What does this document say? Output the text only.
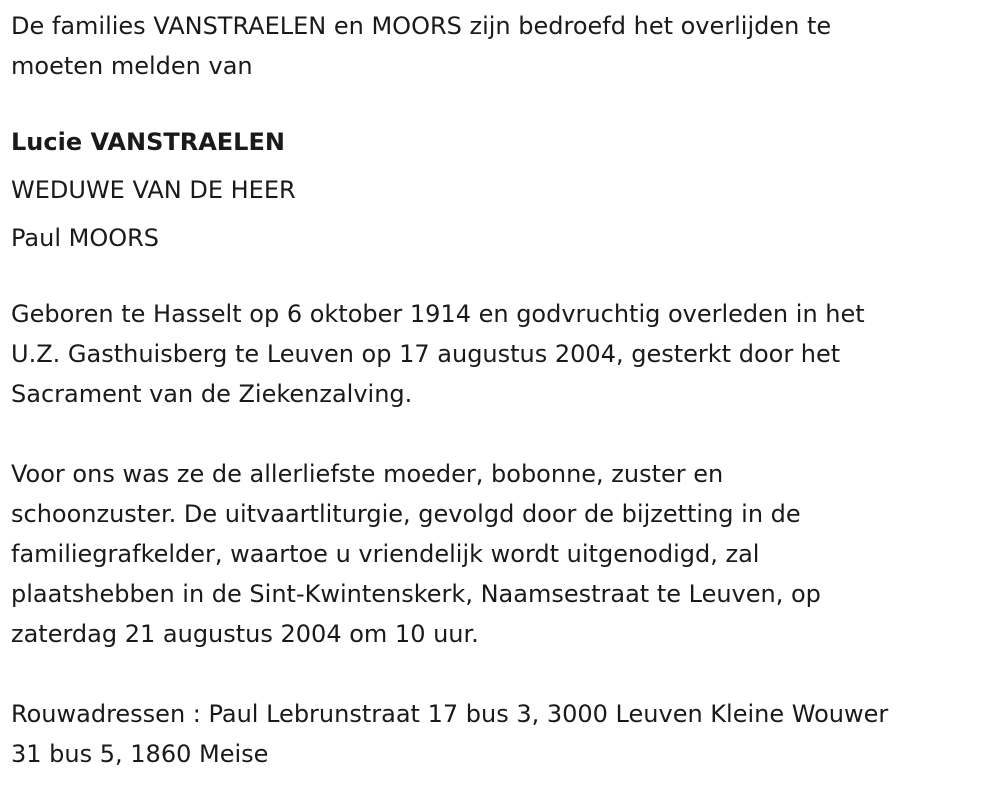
De families VANSTRAELEN en MOORS zijn bedroefd het overlijden te

moeten melden van

Lucie VANSTRAELEN

WEDUWE VAN DE HEER

Paul MOORS

Geboren te Hasselt op 6 oktober 1914 en godvruchtig overleden in het

U.Z. Gasthuisberg te Leuven op 17 augustus 2004, gesterkt door het

Sacrament van de Ziekenzalving.

Voor ons was ze de allerliefste moeder, bobonne, zuster en

schoonzuster. De uitvaartliturgie, gevolgd door de bijzetting in de

familiegrafkelder, waartoe u vriendelijk wordt uitgenodigd, zal

plaatshebben in de Sint-Kwintenskerk, Naamsestraat te Leuven, op

zaterdag 21 augustus 2004 om 10 uur.

Rouwadressen : Paul Lebrunstraat 17 bus 3, 3000 Leuven Kleine Wouwer

31 bus 5, 1860 Meise
